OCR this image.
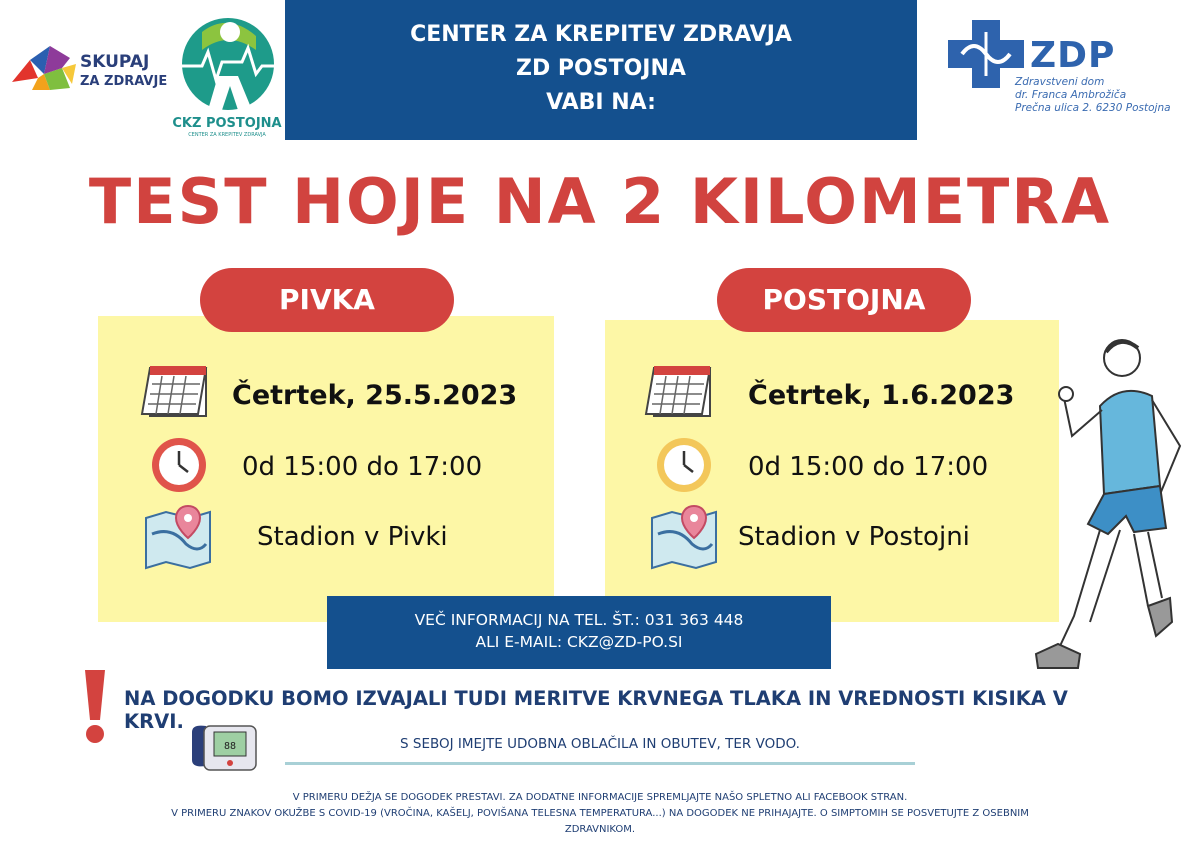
SKUPAJ
ZA ZDRAVJE
CKZ POSTOJNA
CENTER ZA KREPITEV ZDRAVJA
CENTER ZA KREPITEV ZDRAVJA
ZD POSTOJNA
VABI NA:
ZDP
Zdravstveni dom
dr. Franca Ambrožiča
Prečna ulica 2. 6230 Postojna
TEST HOJE NA 2 KILOMETRA
PIVKA
Četrtek, 25.5.2023
0d 15:00 do 17:00
Stadion v Pivki
POSTOJNA
Četrtek, 1.6.2023
0d 15:00 do 17:00
Stadion v Postojni
VEČ INFORMACIJ NA TEL. ŠT.: 031 363 448
ALI E-MAIL: CKZ@ZD-PO.SI
NA DOGODKU BOMO IZVAJALI TUDI MERITVE KRVNEGA TLAKA IN VREDNOSTI KISIKA V KRVI.
88	S SEBOJ IMEJTE UDOBNA OBLAČILA IN OBUTEV, TER VODO.
V PRIMERU DEŽJA SE DOGODEK PRESTAVI. ZA DODATNE INFORMACIJE SPREMLJAJTE NAŠO SPLETNO ALI FACEBOOK STRAN.
V PRIMERU ZNAKOV OKUŽBE S COVID-19 (VROČINA, KAŠELJ, POVIŠANA TELESNA TEMPERATURA...) NA DOGODEK NE PRIHAJAJTE. O SIMPTOMIH SE POSVETUJTE Z OSEBNIM
ZDRAVNIKOM.
